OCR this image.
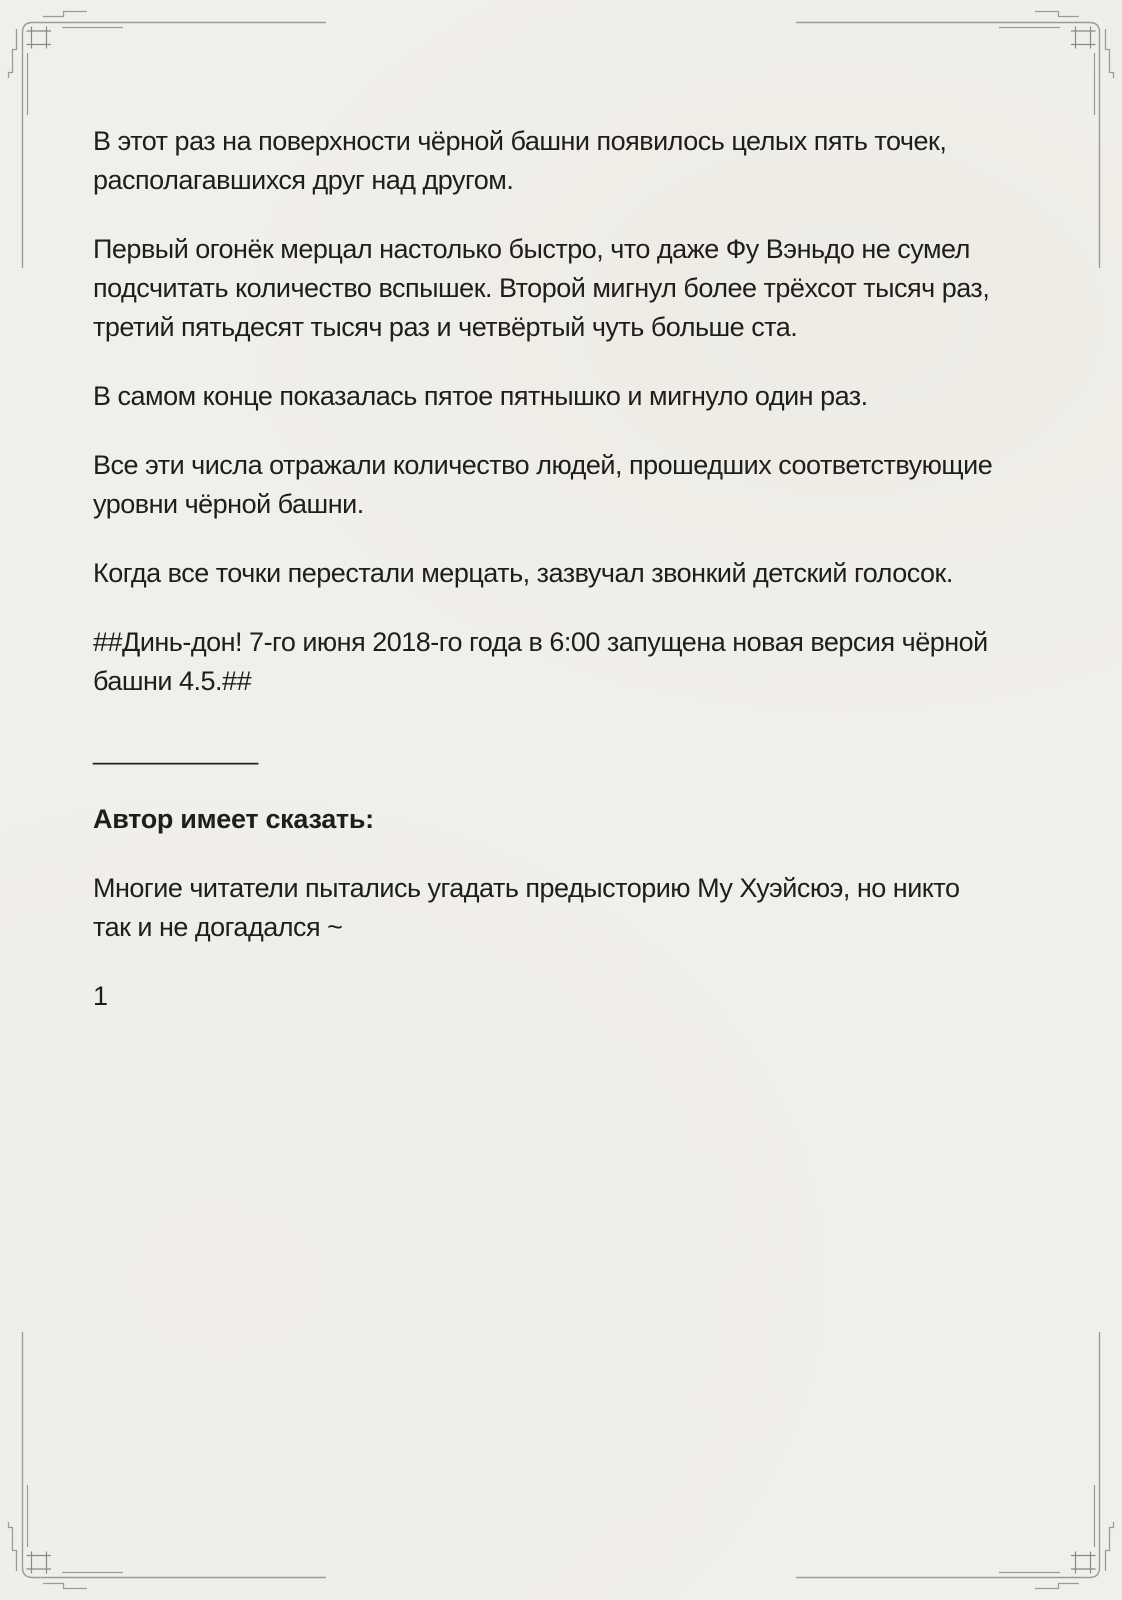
В этот раз на поверхности чёрной башни появилось целых пять точек,
располагавшихся друг над другом.

Первый огонёк мерцал настолько быстро, что даже Фу Вэньдо не сумел
подсчитать количество вспышек. Второй мигнул более трёхсот тысяч раз,
третий пятьдесят тысяч раз и четвёртый чуть больше ста.

В самом конце показалась пятое пятнышко и мигнуло один раз.

Все эти числа отражали количество людей, прошедших соответствующие
уровни чёрной башни.

Когда все точки перестали мерцать, зазвучал звонкий детский голосок.

##Динь-дон! 7-го июня 2018-го года в 6:00 запущена новая версия чёрной
башни 4.5.##

___________

Автор имеет сказать:

Многие читатели пытались угадать предысторию Му Хуэйсюэ, но никто
так и не догадался ~

1
